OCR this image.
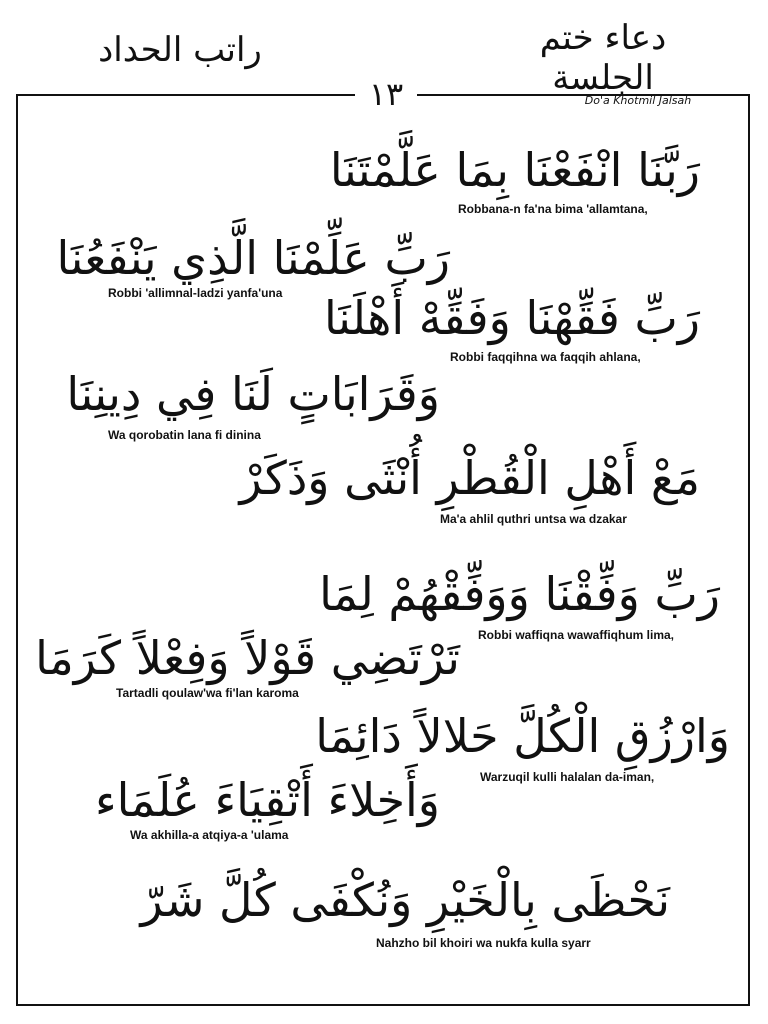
راتب الحداد	دعاء ختم الجلسة
Do'a Khotmil Jalsah
١٣
رَبَّنَا انْفَعْنَا بِمَا عَلَّمْتَنَا
Robbana-n fa'na bima 'allamtana,
رَبِّ عَلِّمْنَا الَّذِي يَنْفَعُنَا
Robbi 'allimnal-ladzi yanfa'una رَبِّ فَقِّهْنَا وَفَقِّهْ أَهْلَنَا
Robbi faqqihna wa faqqih ahlana,
وَقَرَابَاتٍ لَنَا فِي دِينِنَا
Wa qorobatin lana fi dinina
مَعْ أَهْلِ الْقُطْرِ أُنْثَى وَذَكَرْ
Ma'a ahlil quthri untsa wa dzakar
رَبِّ وَفِّقْنَا وَوَفِّقْهُمْ لِمَا
Robbi waffiqna wawaffiqhum lima,
تَرْتَضِي قَوْلاً وَفِعْلاً كَرَمَا
Tartadli qoulaw'wa fi'lan karoma
وَارْزُقِ الْكُلَّ حَلالاً دَائِمَا
Warzuqil kulli halalan da-iman,
وَأَخِلاءَ أَتْقِيَاءَ عُلَمَاء
Wa akhilla-a atqiya-a 'ulama
نَحْظَى بِالْخَيْرِ وَنُكْفَى كُلَّ شَرّ
Nahzho bil khoiri wa nukfa kulla syarr
